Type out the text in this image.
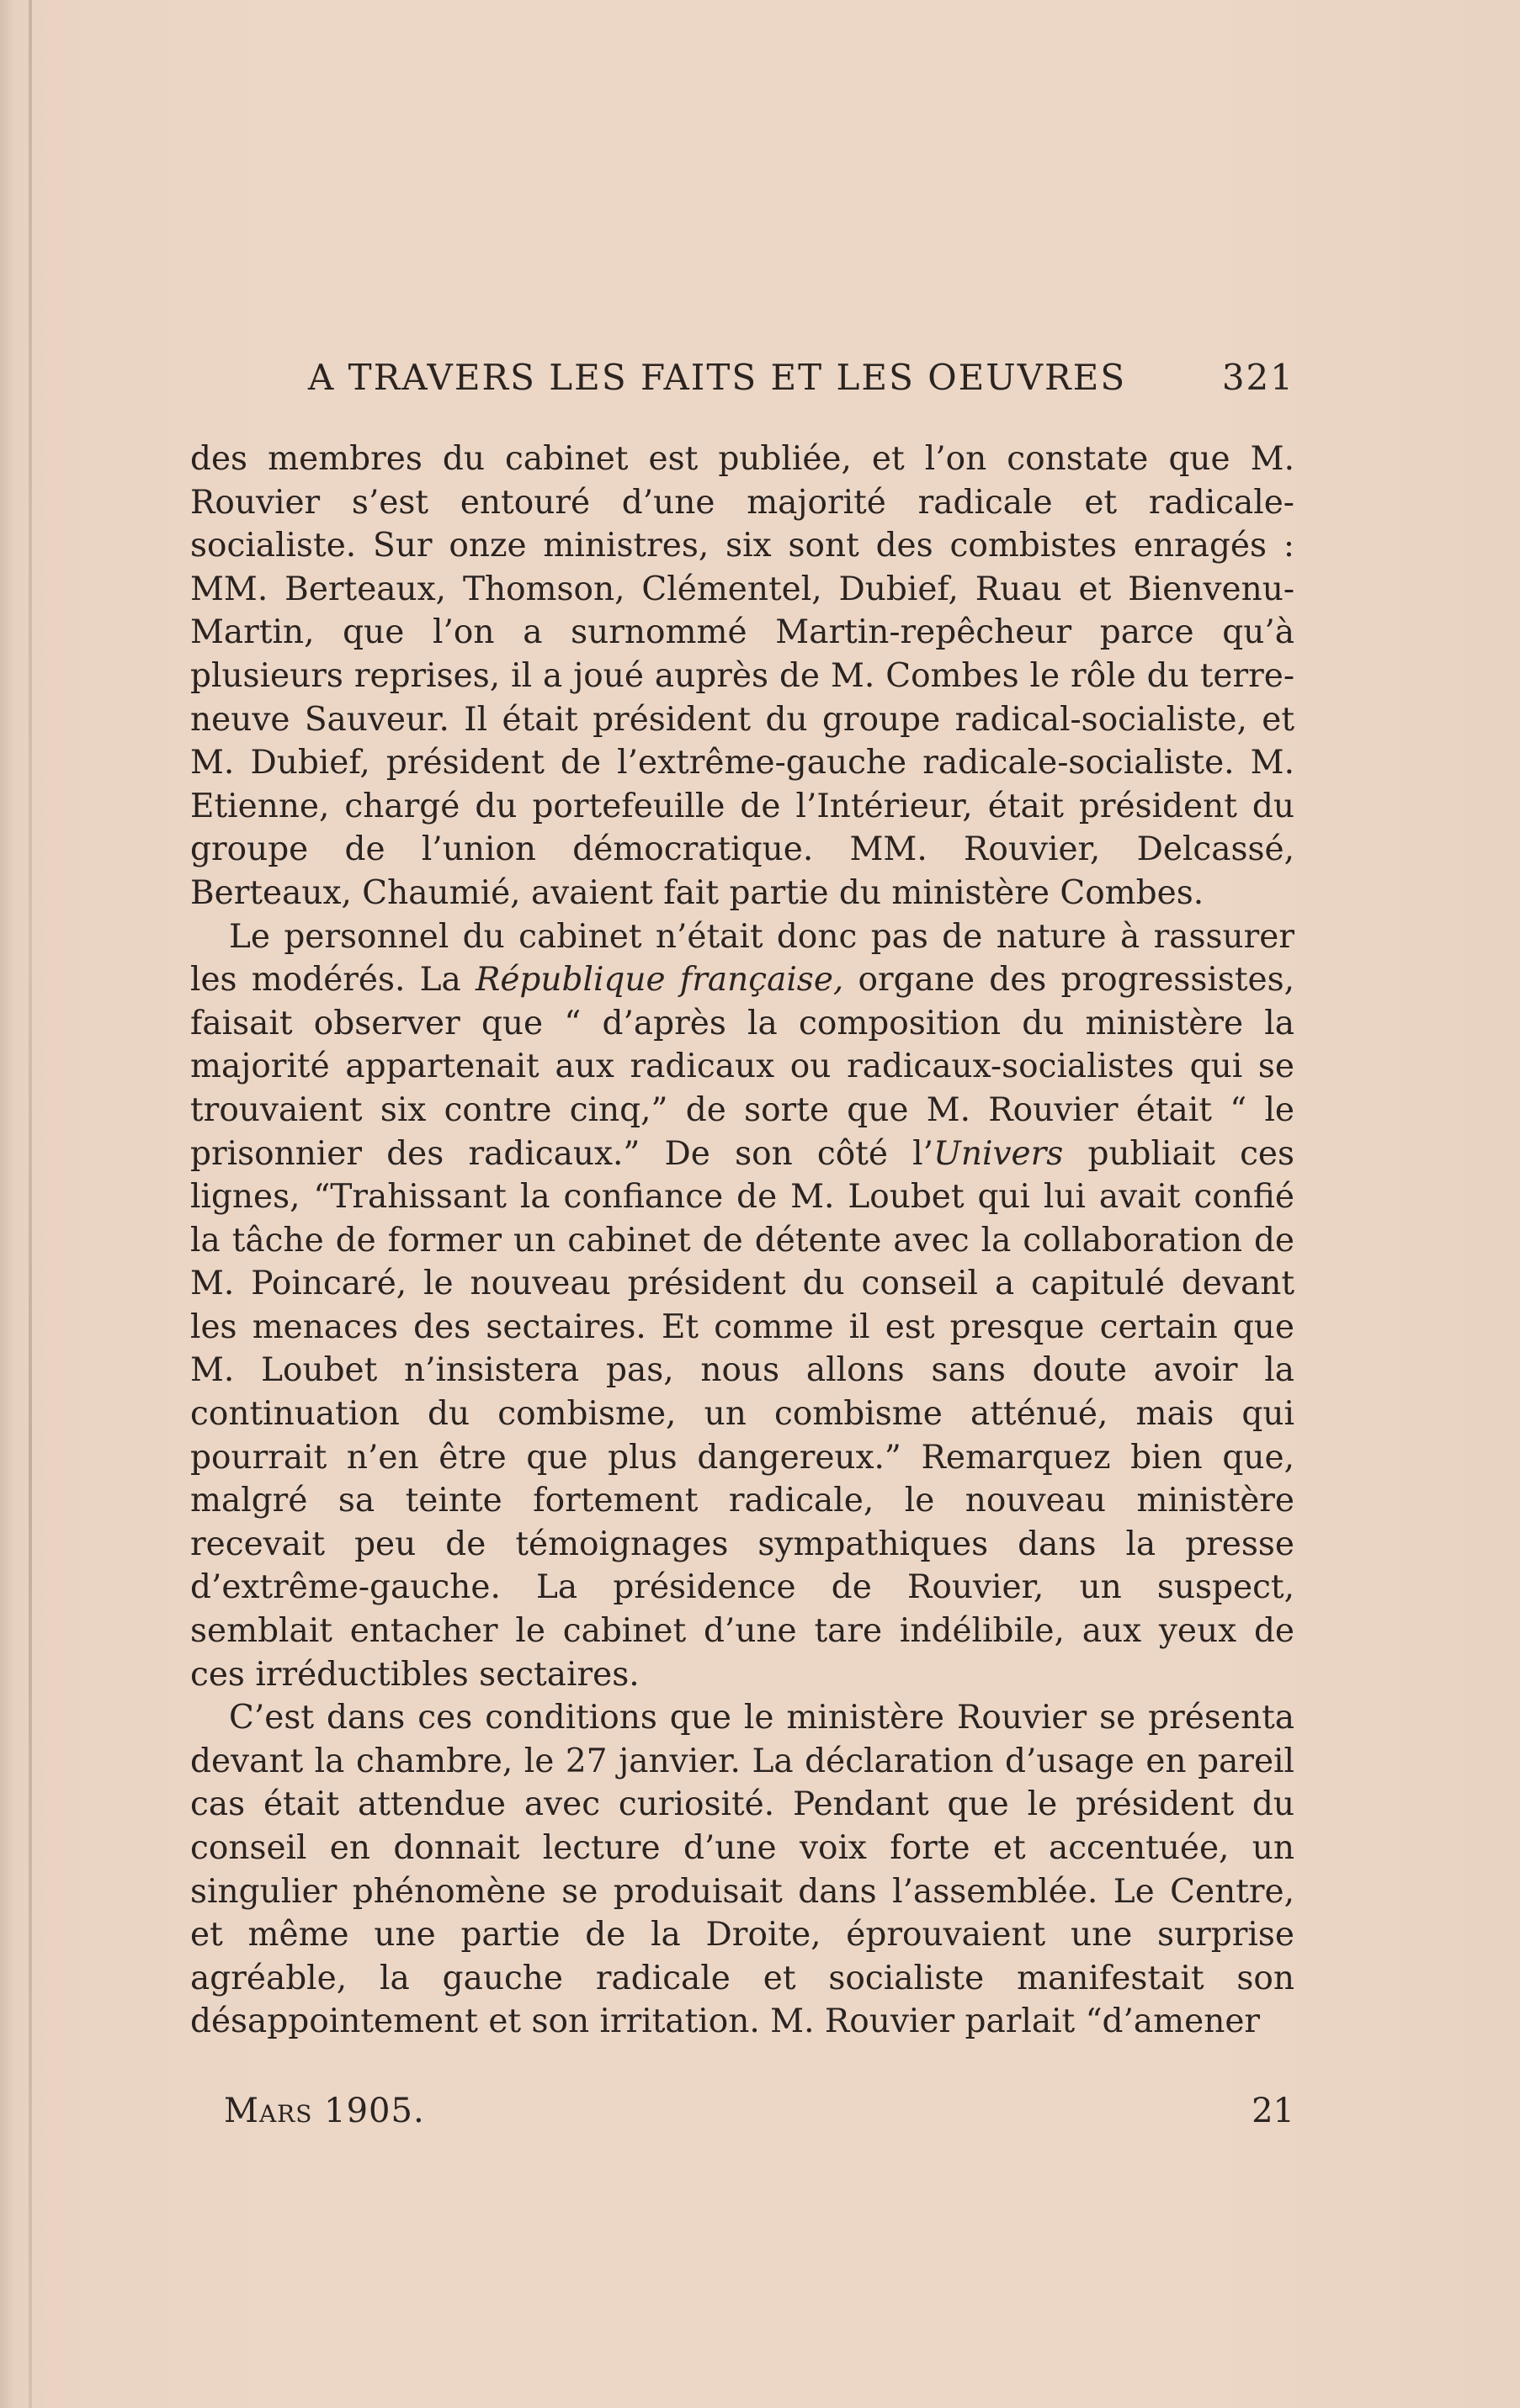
A TRAVERS LES FAITS ET LES OEUVRES	321

des membres du cabinet est publiée, et l’on constate que M. Rouvier s’est entouré d’une majorité radicale et radicale-socialiste. Sur onze ministres, six sont des combistes enragés : MM. Berteaux, Thomson, Clémentel, Dubief, Ruau et Bienvenu-Martin, que l’on a surnommé Martin-repêcheur parce qu’à plusieurs reprises, il a joué auprès de M. Combes le rôle du terre-neuve Sauveur. Il était président du groupe radical-socialiste, et M. Dubief, président de l’extrême-gauche radicale-socialiste. M. Etienne, chargé du portefeuille de l’Intérieur, était président du groupe de l’union démocratique. MM. Rouvier, Delcassé, Berteaux, Chaumié, avaient fait partie du ministère Combes.

Le personnel du cabinet n’était donc pas de nature à rassurer les modérés. La République française, organe des progressistes, faisait observer que “ d’après la composition du ministère la majorité appartenait aux radicaux ou radicaux-socialistes qui se trouvaient six contre cinq,” de sorte que M. Rouvier était “ le prisonnier des radicaux.” De son côté l’Univers publiait ces lignes, “Trahissant la confiance de M. Loubet qui lui avait confié la tâche de former un cabinet de détente avec la collaboration de M. Poincaré, le nouveau président du conseil a capitulé devant les menaces des sectaires. Et comme il est presque certain que M. Loubet n’insistera pas, nous allons sans doute avoir la continuation du combisme, un combisme atténué, mais qui pourrait n’en être que plus dangereux.” Remarquez bien que, malgré sa teinte fortement radicale, le nouveau ministère recevait peu de témoignages sympathiques dans la presse d’extrême-gauche. La présidence de Rouvier, un suspect, semblait entacher le cabinet d’une tare indélibile, aux yeux de ces irréductibles sectaires.

C’est dans ces conditions que le ministère Rouvier se présenta devant la chambre, le 27 janvier. La déclaration d’usage en pareil cas était attendue avec curiosité. Pendant que le président du conseil en donnait lecture d’une voix forte et accentuée, un singulier phénomène se produisait dans l’assemblée. Le Centre, et même une partie de la Droite, éprouvaient une surprise agréable, la gauche radicale et socialiste manifestait son désappointement et son irritation. M. Rouvier parlait “d’amener

Mars 1905.	21
